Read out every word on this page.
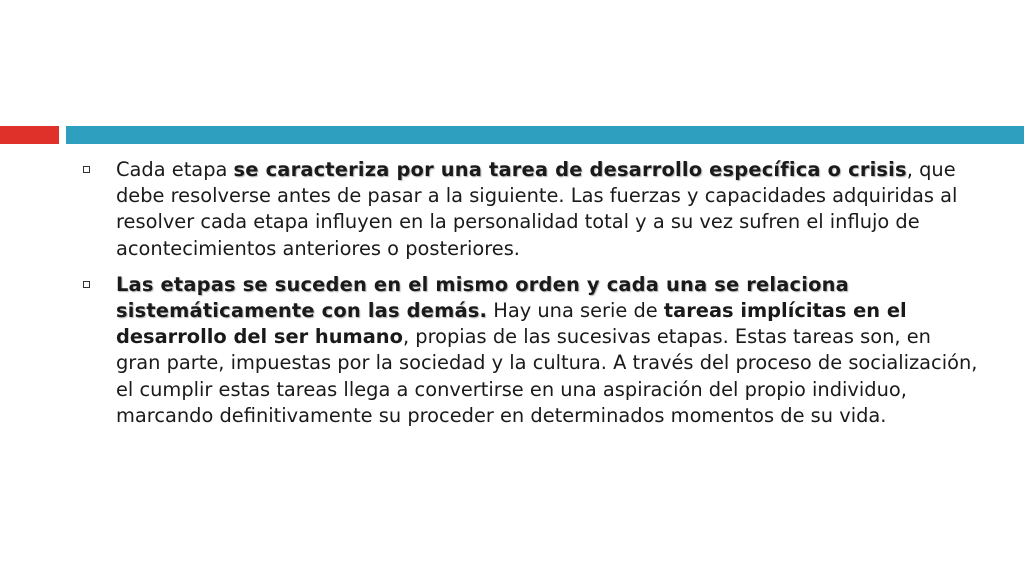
Cada etapa se caracteriza por una tarea de desarrollo específica o crisis, que debe resolverse antes de pasar a la siguiente. Las fuerzas y capacidades adquiridas al resolver cada etapa influyen en la personalidad total y a su vez sufren el influjo de acontecimientos anteriores o posteriores.
Las etapas se suceden en el mismo orden y cada una se relaciona sistemáticamente con las demás. Hay una serie de tareas implícitas en el desarrollo del ser humano, propias de las sucesivas etapas. Estas tareas son, en gran parte, impuestas por la sociedad y la cultura. A través del proceso de socialización, el cumplir estas tareas llega a convertirse en una aspiración del propio individuo, marcando definitivamente su proceder en determinados momentos de su vida.
